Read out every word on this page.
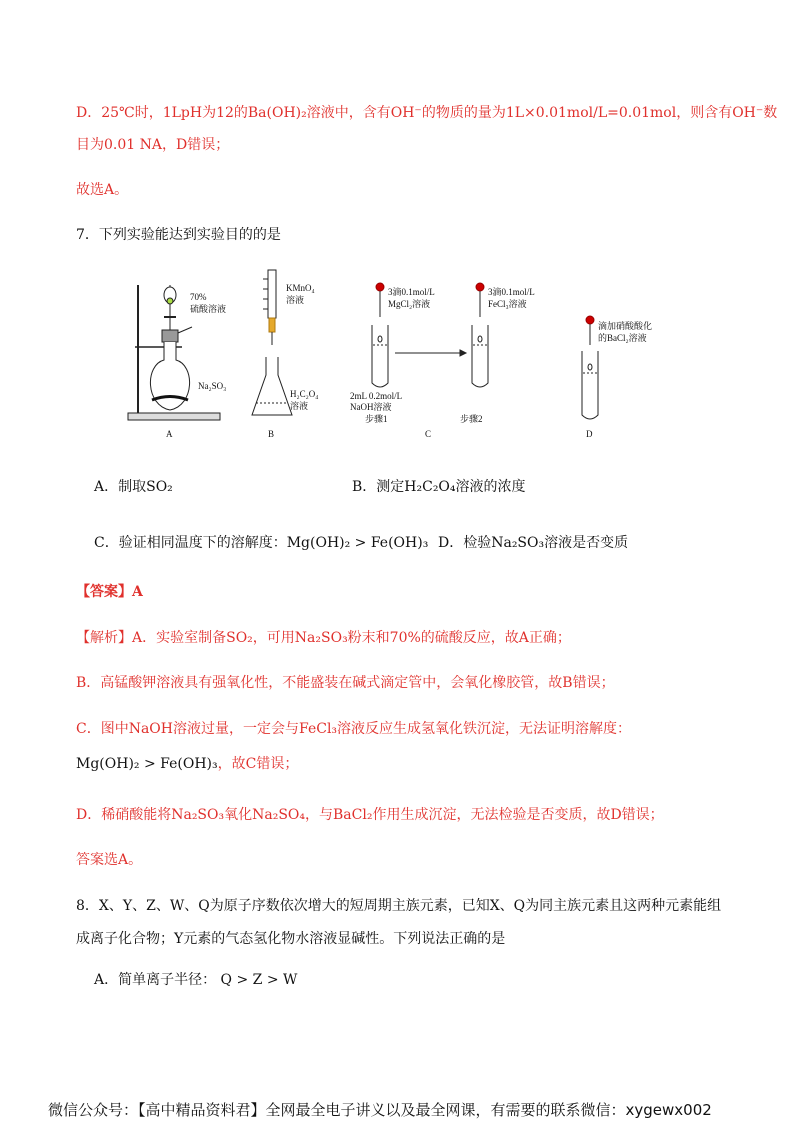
D．25℃时，1LpH为12的Ba(OH)₂溶液中，含有OH⁻的物质的量为1L×0.01mol/L=0.01mol，则含有OH⁻数
目为0.01 NA，D错误；
故选A。
7．下列实验能达到实验目的的是
70%
硫酸溶液
Na₂SO₃
A
KMnO₄
溶液
H₂C₂O₄
溶液
B
3滴0.1mol/L
MgCl₂溶液
3滴0.1mol/L
FeCl₃溶液
2mL 0.2mol/L
NaOH溶液
步骤1	步骤2
C
滴加硝酸酸化
的BaCl₂溶液
D
A．制取SO₂	B．测定H₂C₂O₄溶液的浓度
C．验证相同温度下的溶解度：Mg(OH)₂ > Fe(OH)₃ D．检验Na₂SO₃溶液是否变质
【答案】A
【解析】A．实验室制备SO₂，可用Na₂SO₃粉末和70%的硫酸反应，故A正确；
B．高锰酸钾溶液具有强氧化性，不能盛装在碱式滴定管中，会氧化橡胶管，故B错误；
C．图中NaOH溶液过量，一定会与FeCl₃溶液反应生成氢氧化铁沉淀，无法证明溶解度：
Mg(OH)₂ > Fe(OH)₃，故C错误；
D．稀硝酸能将Na₂SO₃氧化Na₂SO₄，与BaCl₂作用生成沉淀，无法检验是否变质，故D错误；
答案选A。
8．X、Y、Z、W、Q为原子序数依次增大的短周期主族元素，已知X、Q为同主族元素且这两种元素能组
成离子化合物；Y元素的气态氢化物水溶液显碱性。下列说法正确的是
A．简单离子半径： Q > Z > W
微信公众号：【高中精品资料君】全网最全电子讲义以及最全网课，有需要的联系微信：xygewx002
